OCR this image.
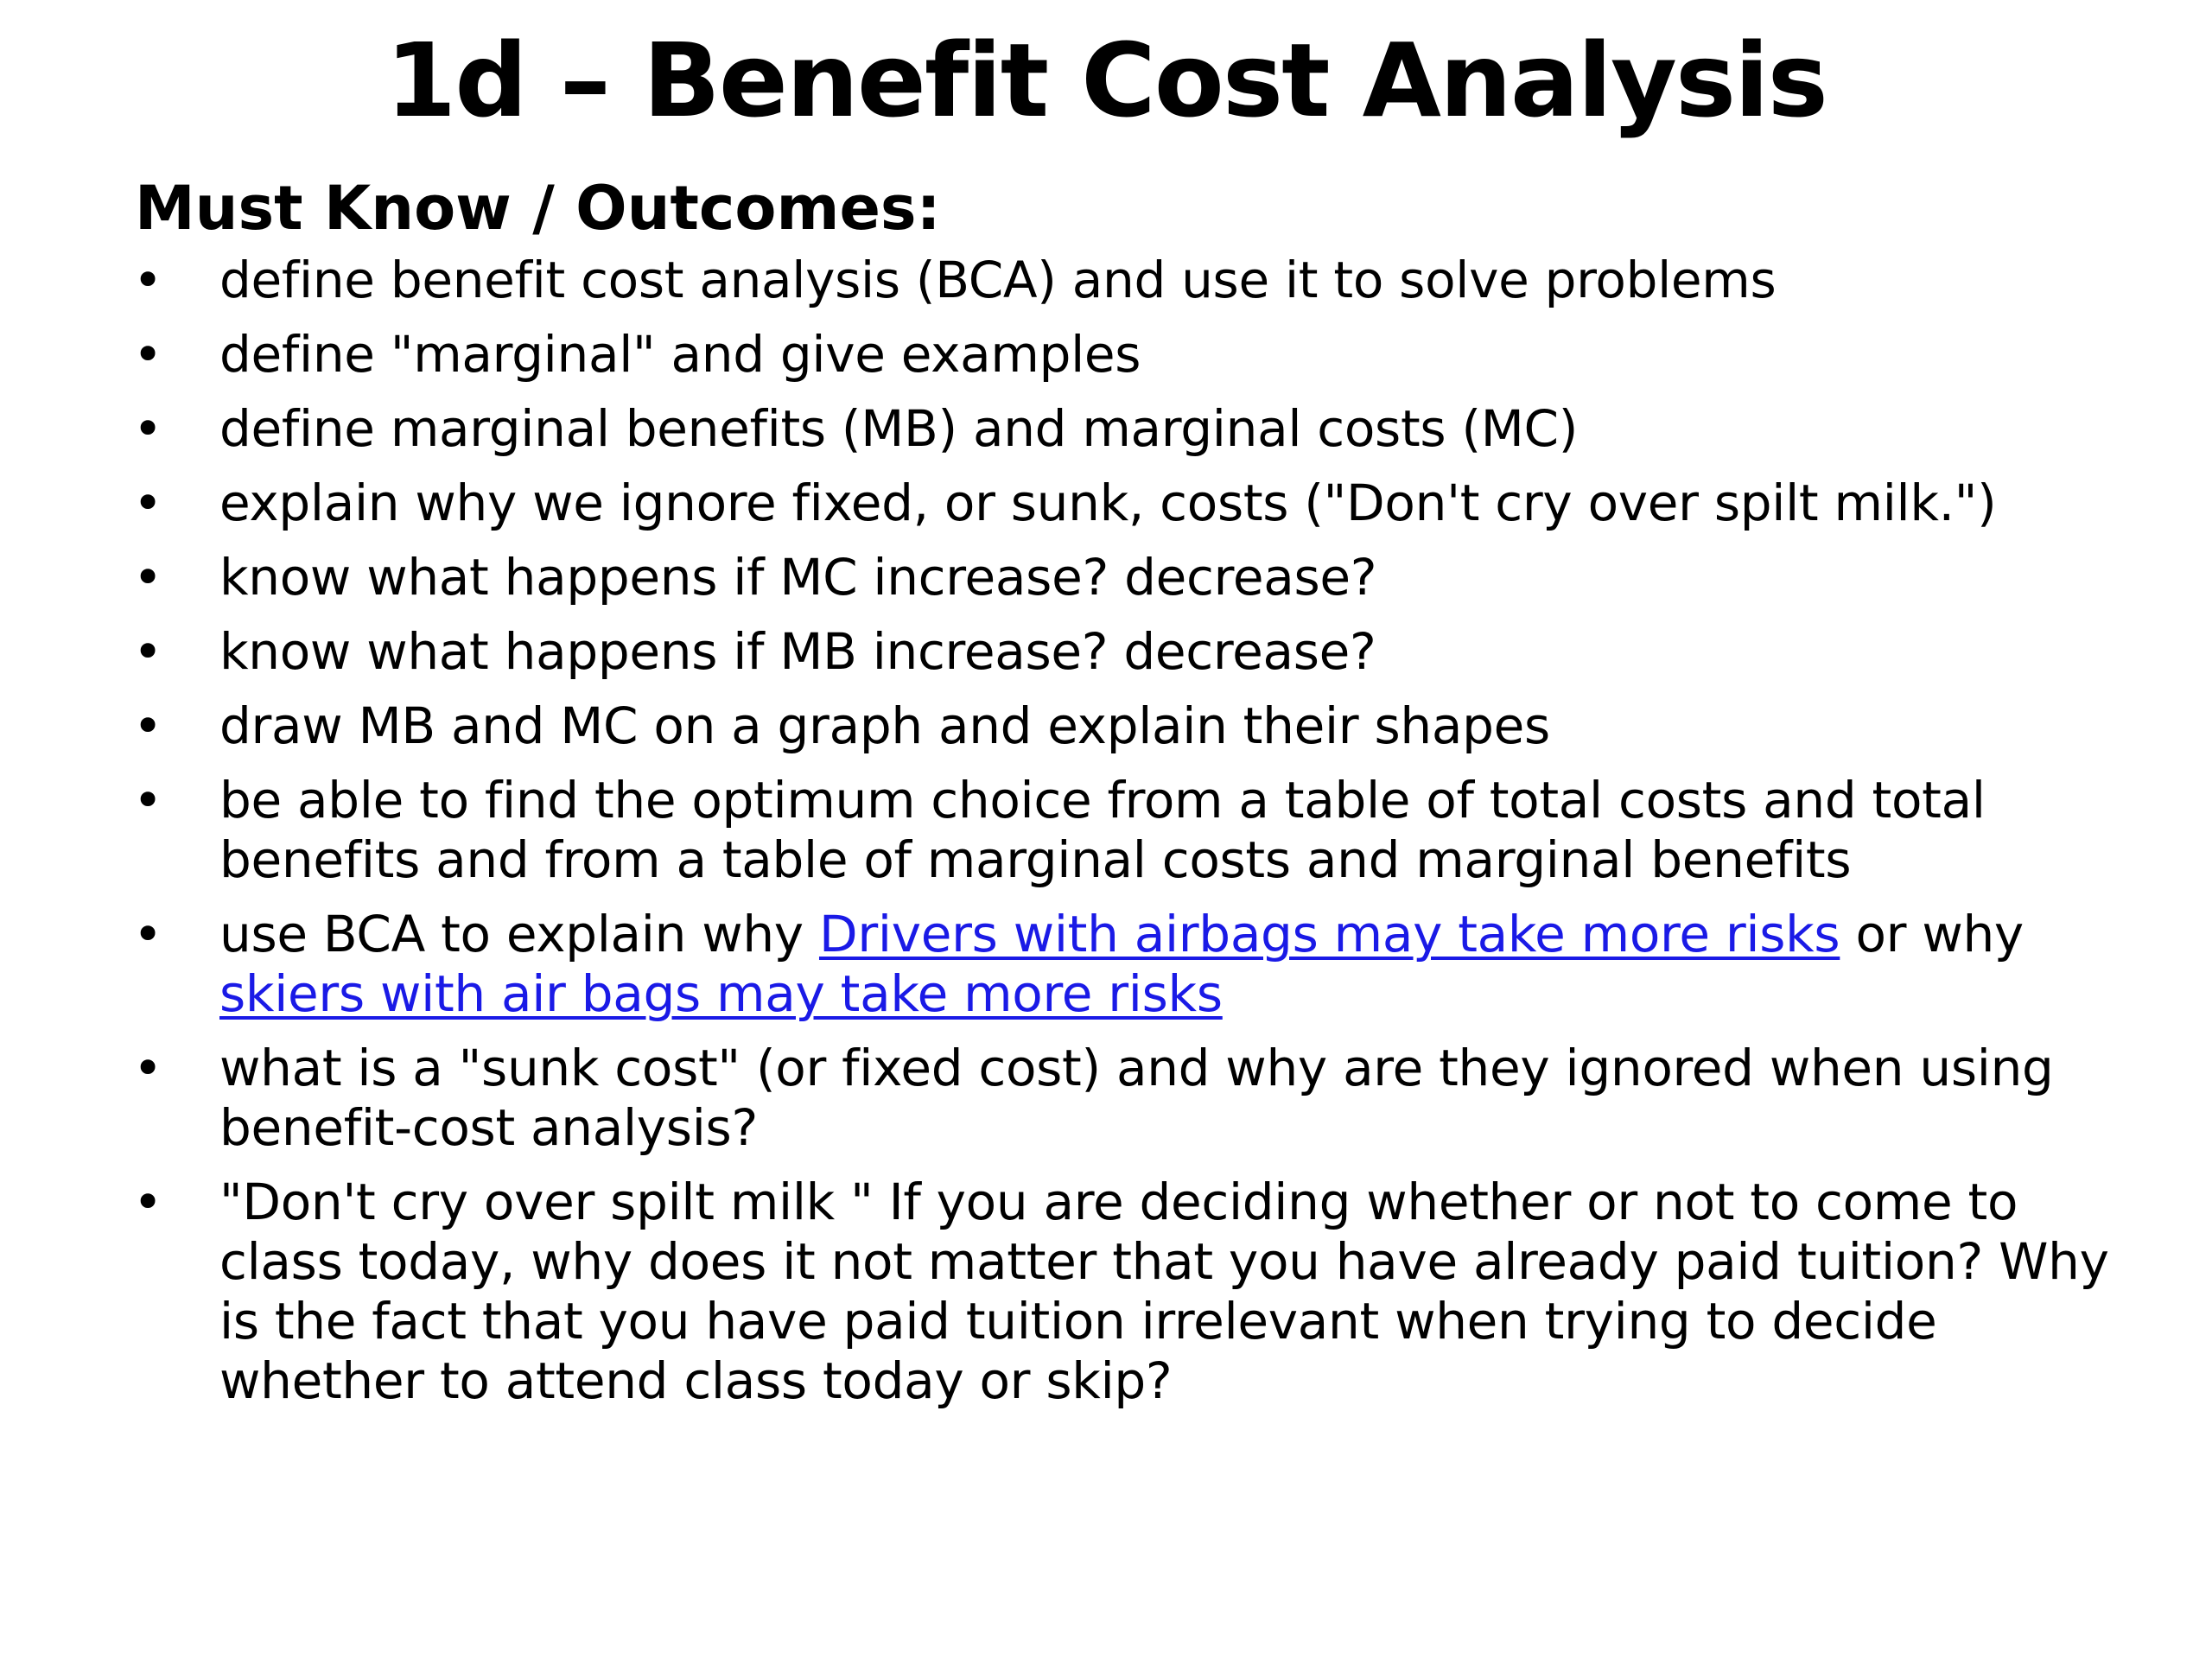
1d – Benefit Cost Analysis
Must Know / Outcomes:
• define benefit cost analysis (BCA) and use it to solve problems
• define "marginal" and give examples
• define marginal benefits (MB) and marginal costs (MC)
• explain why we ignore fixed, or sunk, costs ("Don't cry over spilt milk.")
• know what happens if MC increase? decrease?
• know what happens if MB increase? decrease?
• draw MB and MC on a graph and explain their shapes
• be able to find the optimum choice from a table of total costs and total benefits and from a table of marginal costs and marginal benefits
• use BCA to explain why Drivers with airbags may take more risks or why skiers with air bags may take more risks
• what is a "sunk cost" (or fixed cost) and why are they ignored when using benefit-cost analysis?
• "Don't cry over spilt milk " If you are deciding whether or not to come to class today, why does it not matter that you have already paid tuition? Why is the fact that you have paid tuition irrelevant when trying to decide whether to attend class today or skip?
